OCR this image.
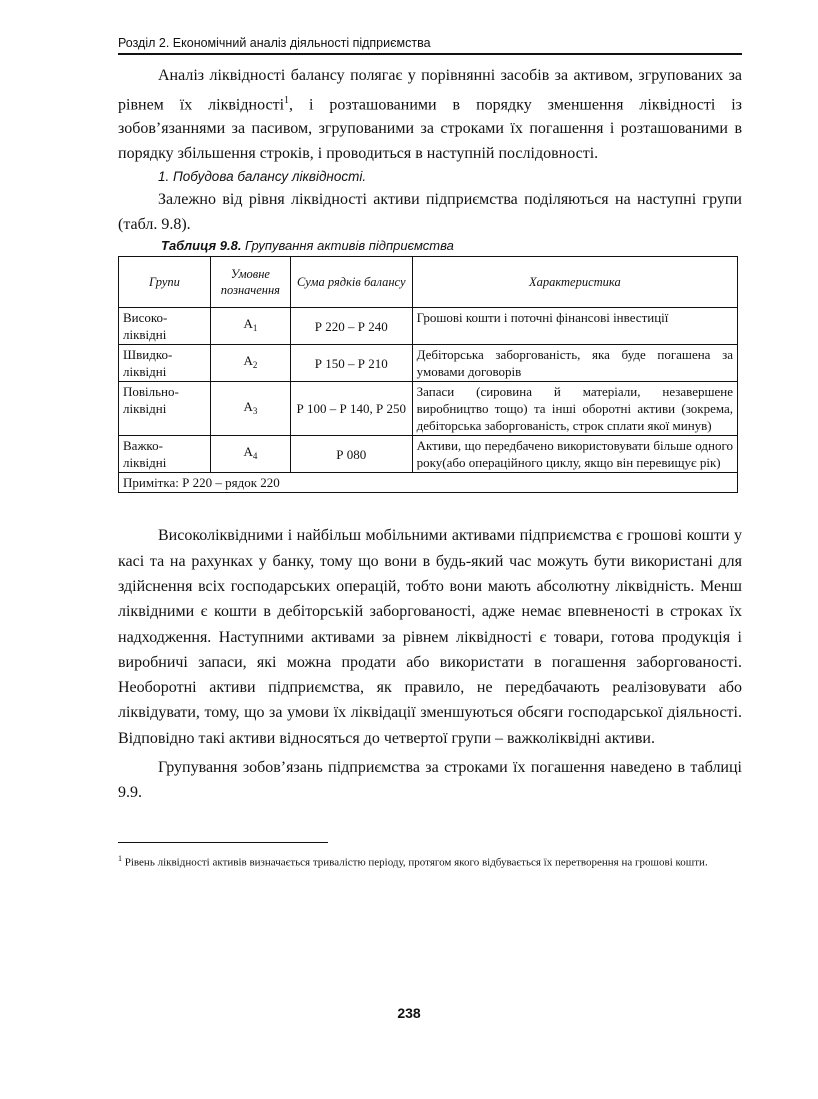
Розділ 2. Економічний аналіз діяльності підприємства

Аналіз ліквідності балансу полягає у порівнянні засобів за активом, згрупованих за рівнем їх ліквідності$^1$, і розташованими в порядку зменшення ліквідності із зобов’язаннями за пасивом, згрупованими за строками їх погашення і розташованими в порядку збільшення строків, і проводиться в наступній послідовності.

1. Побудова балансу ліквідності.

Залежно від рівня ліквідності активи підприємства поділяються на наступні групи (табл. 9.8).

Таблиця 9.8. Групування активів підприємства
Групи	Умовне позначення	Сума рядків балансу	Характеристика
Високо-ліквідні	$А_1$	Р 220 – Р 240	Грошові кошти і поточні фінансові інвестиції
Швидко-ліквідні	$А_2$	Р 150 – Р 210	Дебіторська заборгованість, яка буде погашена за умовами договорів
Повільно-ліквідні	$А_3$	Р 100 – Р 140, Р 250	Запаси (сировина й матеріали, незавершене виробництво тощо) та інші оборотні активи (зокрема, дебіторська заборгованість, строк сплати якої минув)
Важко-ліквідні	$А_4$	Р 080	Активи, що передбачено використовувати більше одного року(або операційного циклу, якщо він перевищує рік)
Примітка: Р 220 – рядок 220			

Високоліквідними і найбільш мобільними активами підприємства є грошові кошти у касі та на рахунках у банку, тому що вони в будь-який час можуть бути використані для здійснення всіх господарських операцій, тобто вони мають абсолютну ліквідність. Менш ліквідними є кошти в дебіторській заборгованості, адже немає впевненості в строках їх надходження. Наступними активами за рівнем ліквідності є товари, готова продукція і виробничі запаси, які можна продати або використати в погашення заборгованості. Необоротні активи підприємства, як правило, не передбачають реалізовувати або ліквідувати, тому, що за умови їх ліквідації зменшуються обсяги господарської діяльності. Відповідно такі активи відносяться до четвертої групи – важколіквідні активи.

Групування зобов’язань підприємства за строками їх погашення наведено в таблиці 9.9.

$^1$ Рівень ліквідності активів визначається тривалістю періоду, протягом якого відбувається їх перетворення на грошові кошти.
238
